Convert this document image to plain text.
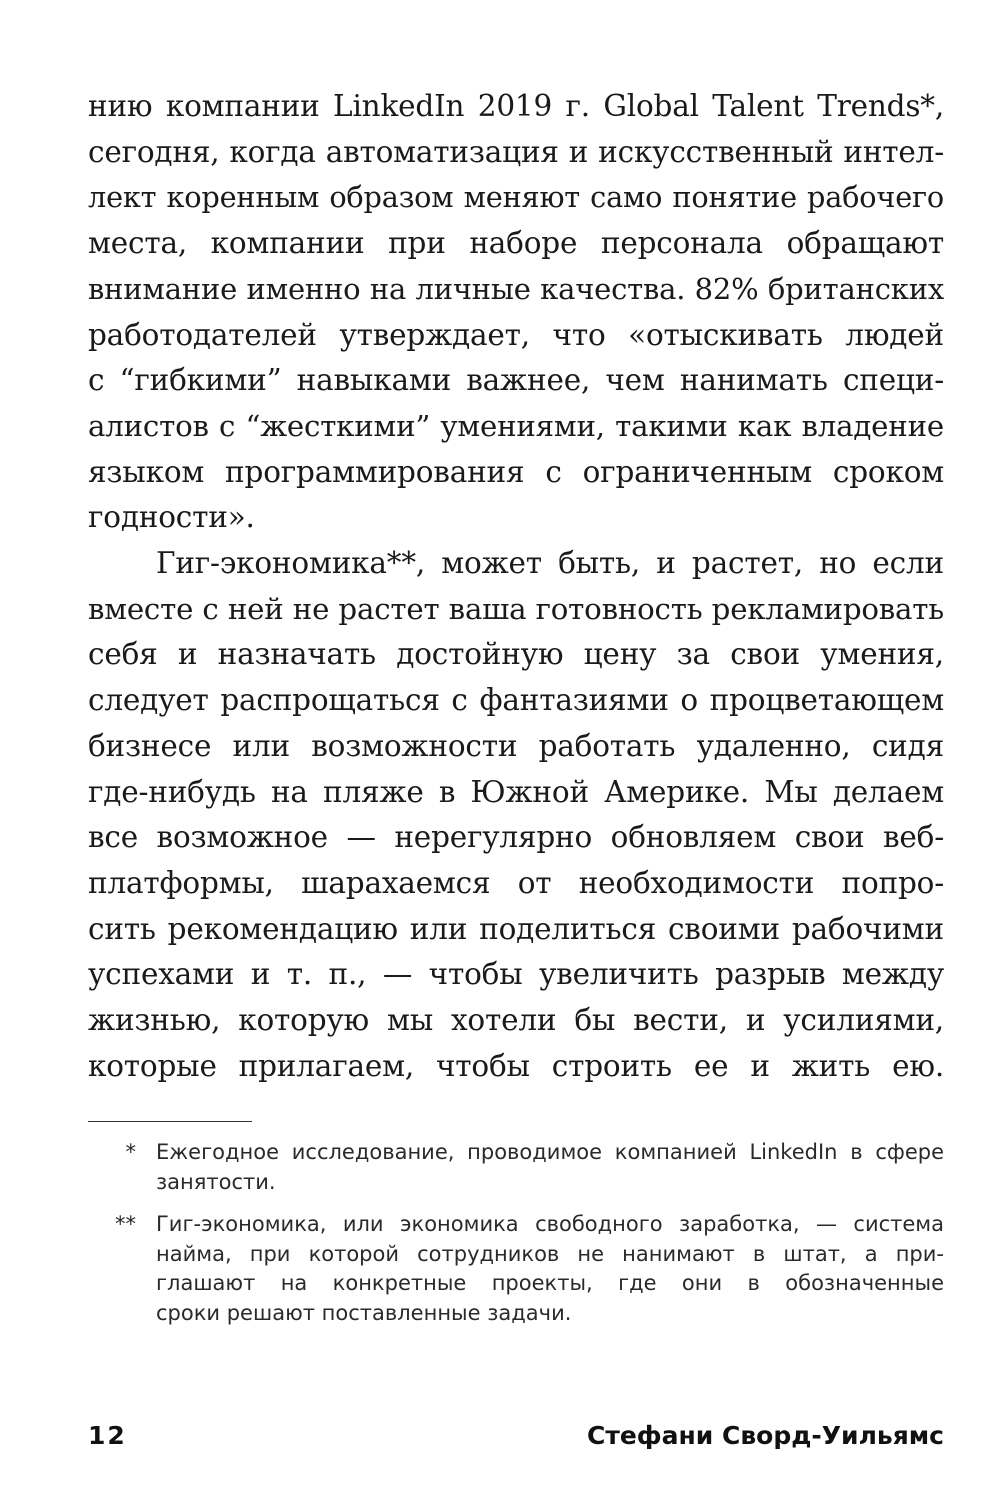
нию компании LinkedIn 2019 г. Global Talent Trends*,
сегодня, когда автоматизация и искусственный интел-
лект коренным образом меняют само понятие рабочего
места, компании при наборе персонала обращают
внимание именно на личные качества. 82% британских
работодателей утверждает, что «отыскивать людей
с “гибкими” навыками важнее, чем нанимать специ-
алистов с “жесткими” умениями, такими как владение
языком программирования с ограниченным сроком
годности».
Гиг-экономика**, может быть, и растет, но если
вместе с ней не растет ваша готовность рекламировать
себя и назначать достойную цену за свои умения,
следует распрощаться с фантазиями о процветающем
бизнесе или возможности работать удаленно, сидя
где-нибудь на пляже в Южной Америке. Мы делаем
все возможное — нерегулярно обновляем свои веб-
платформы, шарахаемся от необходимости попро-
сить рекомендацию или поделиться своими рабочими
успехами и т. п., — чтобы увеличить разрыв между
жизнью, которую мы хотели бы вести, и усилиями,
которые прилагаем, чтобы строить ее и жить ею.
* Ежегодное исследование, проводимое компанией LinkedIn в сфере
занятости.
** Гиг-экономика, или экономика свободного заработка, — система
найма, при которой сотрудников не нанимают в штат, а при-
глашают на конкретные проекты, где они в обозначенные
сроки решают поставленные задачи.
12	Стефани Сворд-Уильямс
